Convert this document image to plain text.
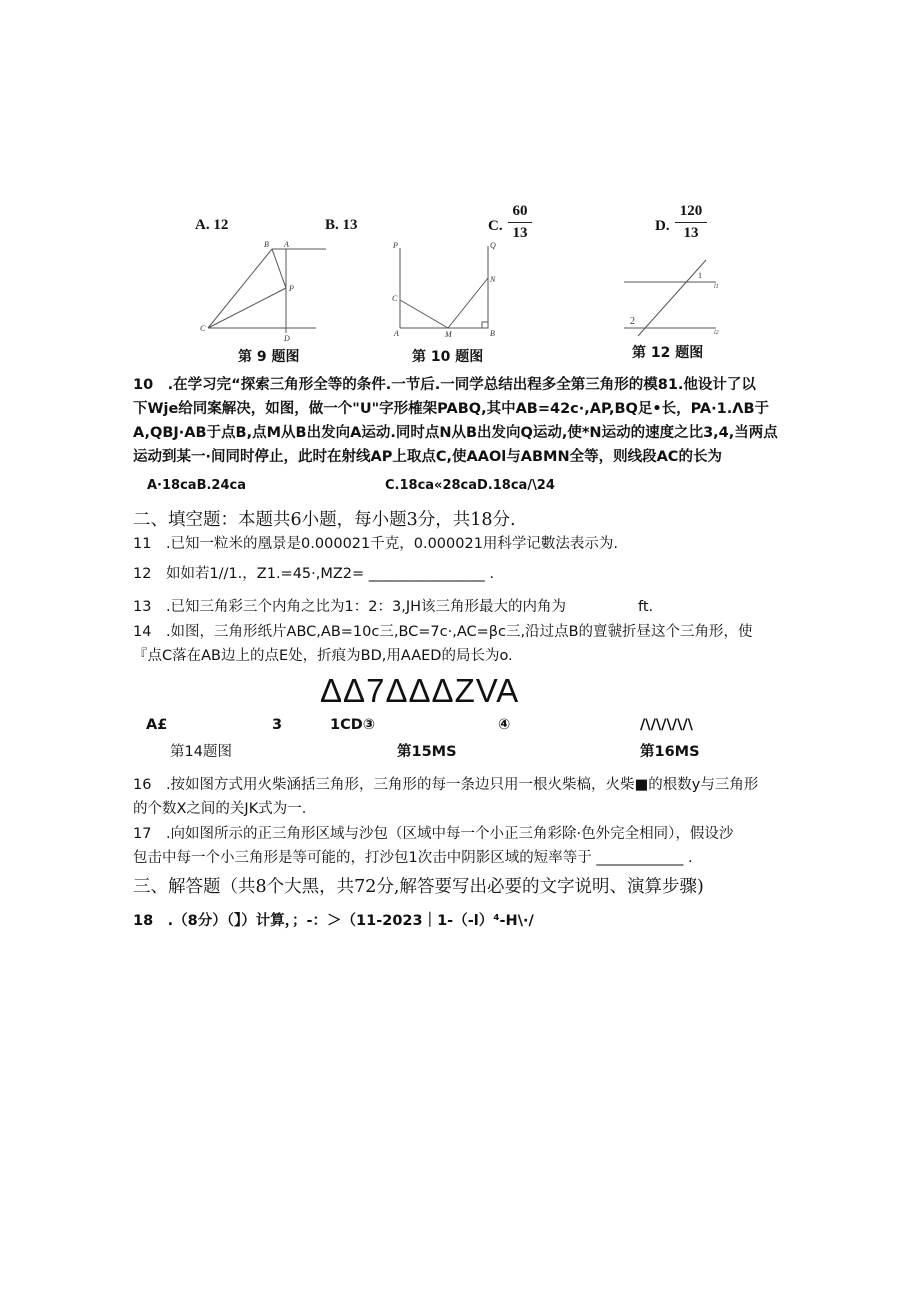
A. 12	B. 13	C.
60
13	D.
120
13
B A
P
C
D
第 9 题图
P	Q
N
C
A	M	B
第 10 题图
1
2
l1
l2
第 12 题图
10　.在学习完“探索三角形全等的条件.一节后.一同学总结出程多全第三角形的模81.他设计了以
下Wje给同案解决，如图，做一个"U"字形榷架PABQ,其中AB=42c·,AP,BQ足•长，PA·1.ΛB于
A,QBJ·AB于点B,点M从B出发向A运动.同时点N从B出发向Q运动,使*N运动的速度之比3,4,当两点
运动到某一·间同时停止，此时在射线AP上取点C,使AAOl与ABMN全等，则线段AC的长为
A·18caB.24ca	C.18ca«28caD.18ca/\24
二、填空题：本题共6小题，每小题3分，共18分.
11　.已知一粒米的凰景是0.000021千克，0.000021用科学记數法表示为.
12　如如若1//1.，Z1.=45·,MZ2= ________________ .
13　.已知三角彩三个内角之比为1：2：3,JH该三角形最大的内角为	ft.
14　.如图，三角形纸片ABC,AB=10c三,BC=7c·,AC=βc三,沿过点B的亶虢折昼这个三角形，使
『点C落在AB边上的点E处，折痕为BD,用AAED的局长为o.
ΔΔ7ΔΔΔZVA
A£	3	1CD③	④	/\/\/\/\/\
第14题图	第15MS	第16MS
16　.按如图方式用火柴涵括三角形，三角形的每一条边只用一根火柴槁，火柴■的根数y与三角形
的个数X之间的关JK式为一.
17　.向如图所示的正三角形区域与沙包（区域中每一个小正三角彩除·色外完全相同），假设沙
包击中每一个小三角形是等可能的，打沙包1次击中阴影区域的短率等于 ____________ .
三、解答题（共8个大黑，共72分,解答要写出必要的文字说明、演算步骤)
18　.（8分）（】）计算，；-：＞（11-2023｜1-（-l）⁴-H\·/
